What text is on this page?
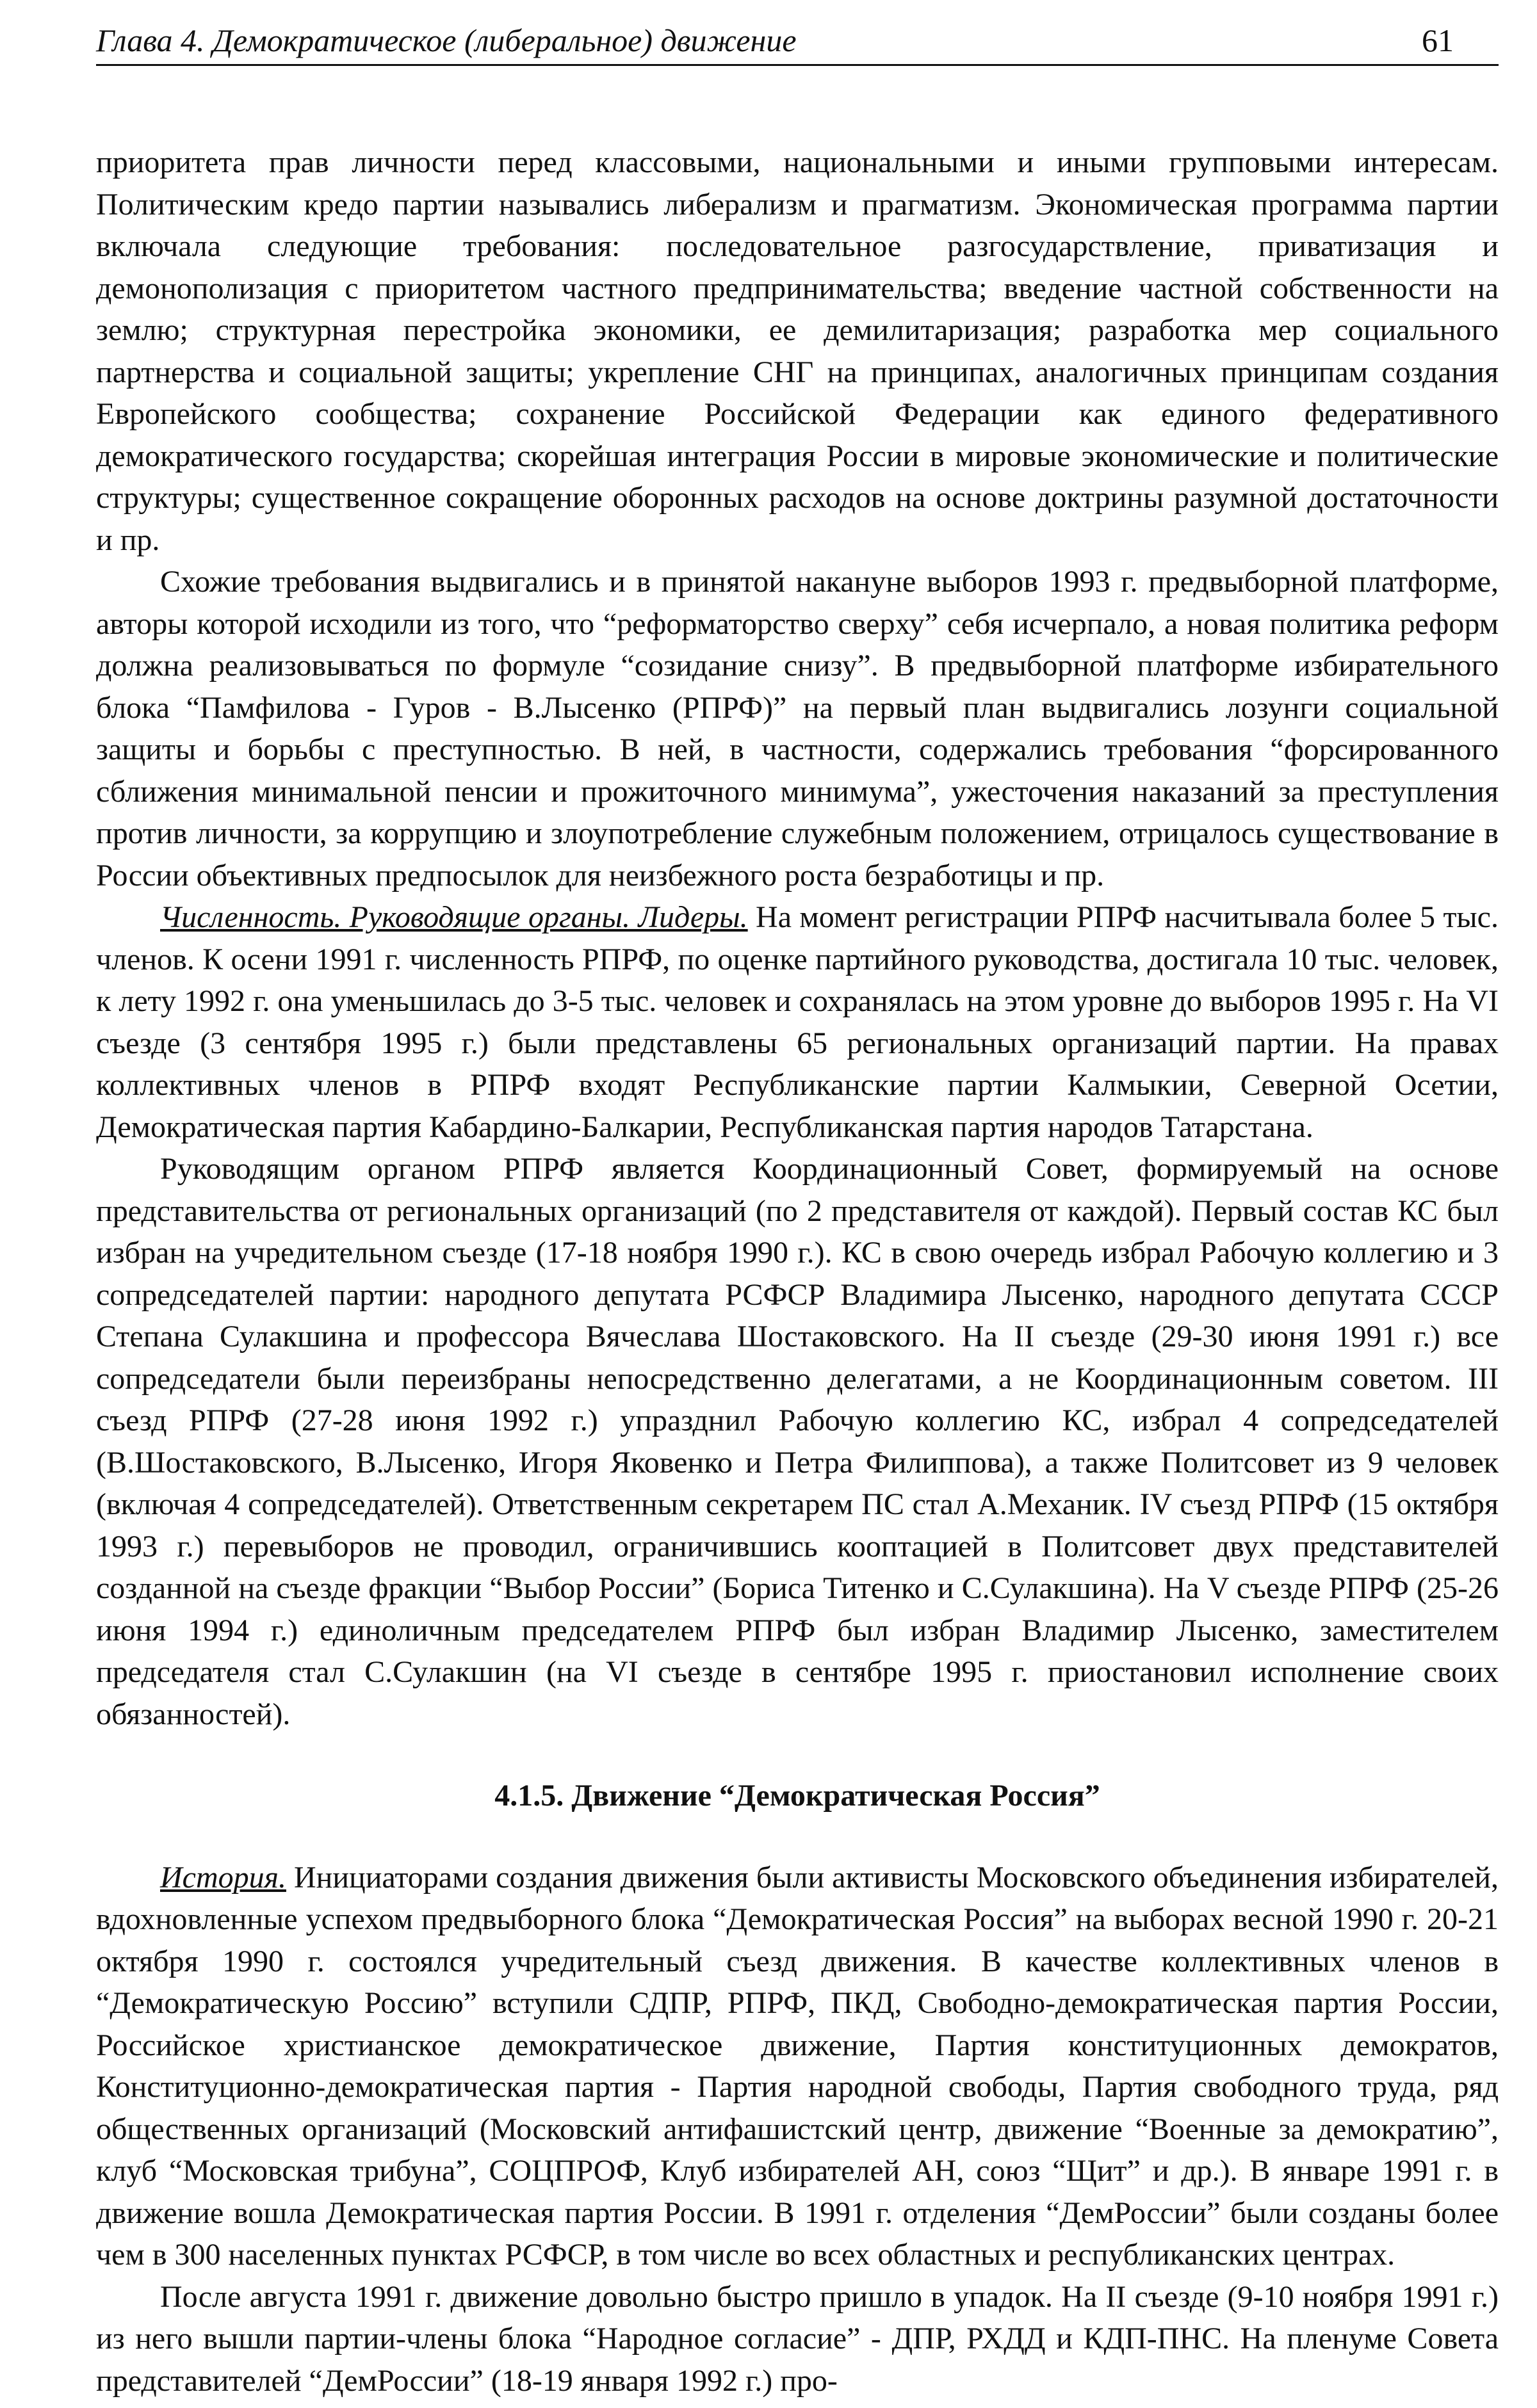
Глава 4. Демократическое (либеральное) движение	61

приоритета прав личности перед классовыми, национальными и иными групповыми интересам. Политическим кредо партии назывались либерализм и прагматизм. Экономическая программа партии включала следующие требования: последовательное разгосударствление, приватизация и демонополизация с приоритетом частного предпринимательства; введение частной собственности на землю; структурная перестройка экономики, ее демилитаризация; разработка мер социального партнерства и социальной защиты; укрепление СНГ на принципах, аналогичных принципам создания Европейского сообщества; сохранение Российской Федерации как единого федеративного демократического государства; скорейшая интеграция России в мировые экономические и политические структуры; существенное сокращение оборонных расходов на основе доктрины разумной достаточности и пр.

Схожие требования выдвигались и в принятой накануне выборов 1993 г. предвыборной платформе, авторы которой исходили из того, что “реформаторство сверху” себя исчерпало, а новая политика реформ должна реализовываться по формуле “созидание снизу”. В предвыборной платформе избирательного блока “Памфилова - Гуров - В.Лысенко (РПРФ)” на первый план выдвигались лозунги социальной защиты и борьбы с преступностью. В ней, в частности, содержались требования “форсированного сближения минимальной пенсии и прожиточного минимума”, ужесточения наказаний за преступления против личности, за коррупцию и злоупотребление служебным положением, отрицалось существование в России объективных предпосылок для неизбежного роста безработицы и пр.

Численность. Руководящие органы. Лидеры. На момент регистрации РПРФ насчитывала более 5 тыс. членов. К осени 1991 г. численность РПРФ, по оценке партийного руководства, достигала 10 тыс. человек, к лету 1992 г. она уменьшилась до 3-5 тыс. человек и сохранялась на этом уровне до выборов 1995 г. На VI съезде (3 сентября 1995 г.) были представлены 65 региональных организаций партии. На правах коллективных членов в РПРФ входят Республиканские партии Калмыкии, Северной Осетии, Демократическая партия Кабардино-Балкарии, Республиканская партия народов Татарстана.

Руководящим органом РПРФ является Координационный Совет, формируемый на основе представительства от региональных организаций (по 2 представителя от каждой). Первый состав КС был избран на учредительном съезде (17-18 ноября 1990 г.). КС в свою очередь избрал Рабочую коллегию и 3 сопредседателей партии: народного депутата РСФСР Владимира Лысенко, народного депутата СССР Степана Сулакшина и профессора Вячеслава Шостаковского. На II съезде (29-30 июня 1991 г.) все сопредседатели были переизбраны непосредственно делегатами, а не Координационным советом. III съезд РПРФ (27-28 июня 1992 г.) упразднил Рабочую коллегию КС, избрал 4 сопредседателей (В.Шостаковского, В.Лысенко, Игоря Яковенко и Петра Филиппова), а также Политсовет из 9 человек (включая 4 сопредседателей). Ответственным секретарем ПС стал А.Механик. IV съезд РПРФ (15 октября 1993 г.) перевыборов не проводил, ограничившись кооптацией в Политсовет двух представителей созданной на съезде фракции “Выбор России” (Бориса Титенко и С.Сулакшина). На V съезде РПРФ (25-26 июня 1994 г.) единоличным председателем РПРФ был избран Владимир Лысенко, заместителем председателя стал С.Сулакшин (на VI съезде в сентябре 1995 г. приостановил исполнение своих обязанностей).

4.1.5. Движение “Демократическая Россия”

История. Инициаторами создания движения были активисты Московского объединения избирателей, вдохновленные успехом предвыборного блока “Демократическая Россия” на выборах весной 1990 г. 20-21 октября 1990 г. состоялся учредительный съезд движения. В качестве коллективных членов в “Демократическую Россию” вступили СДПР, РПРФ, ПКД, Свободно-демократическая партия России, Российское христианское демократическое движение, Партия конституционных демократов, Конституционно-демократическая партия - Партия народной свободы, Партия свободного труда, ряд общественных организаций (Московский антифашистский центр, движение “Военные за демократию”, клуб “Московская трибуна”, СОЦПРОФ, Клуб избирателей АН, союз “Щит” и др.). В январе 1991 г. в движение вошла Демократическая партия России. В 1991 г. отделения “ДемРоссии” были созданы более чем в 300 населенных пунктах РСФСР, в том числе во всех областных и республиканских центрах.

После августа 1991 г. движение довольно быстро пришло в упадок. На II съезде (9-10 ноября 1991 г.) из него вышли партии-члены блока “Народное согласие” - ДПР, РХДД и КДП-ПНС. На пленуме Совета представителей “ДемРоссии” (18-19 января 1992 г.) про-
